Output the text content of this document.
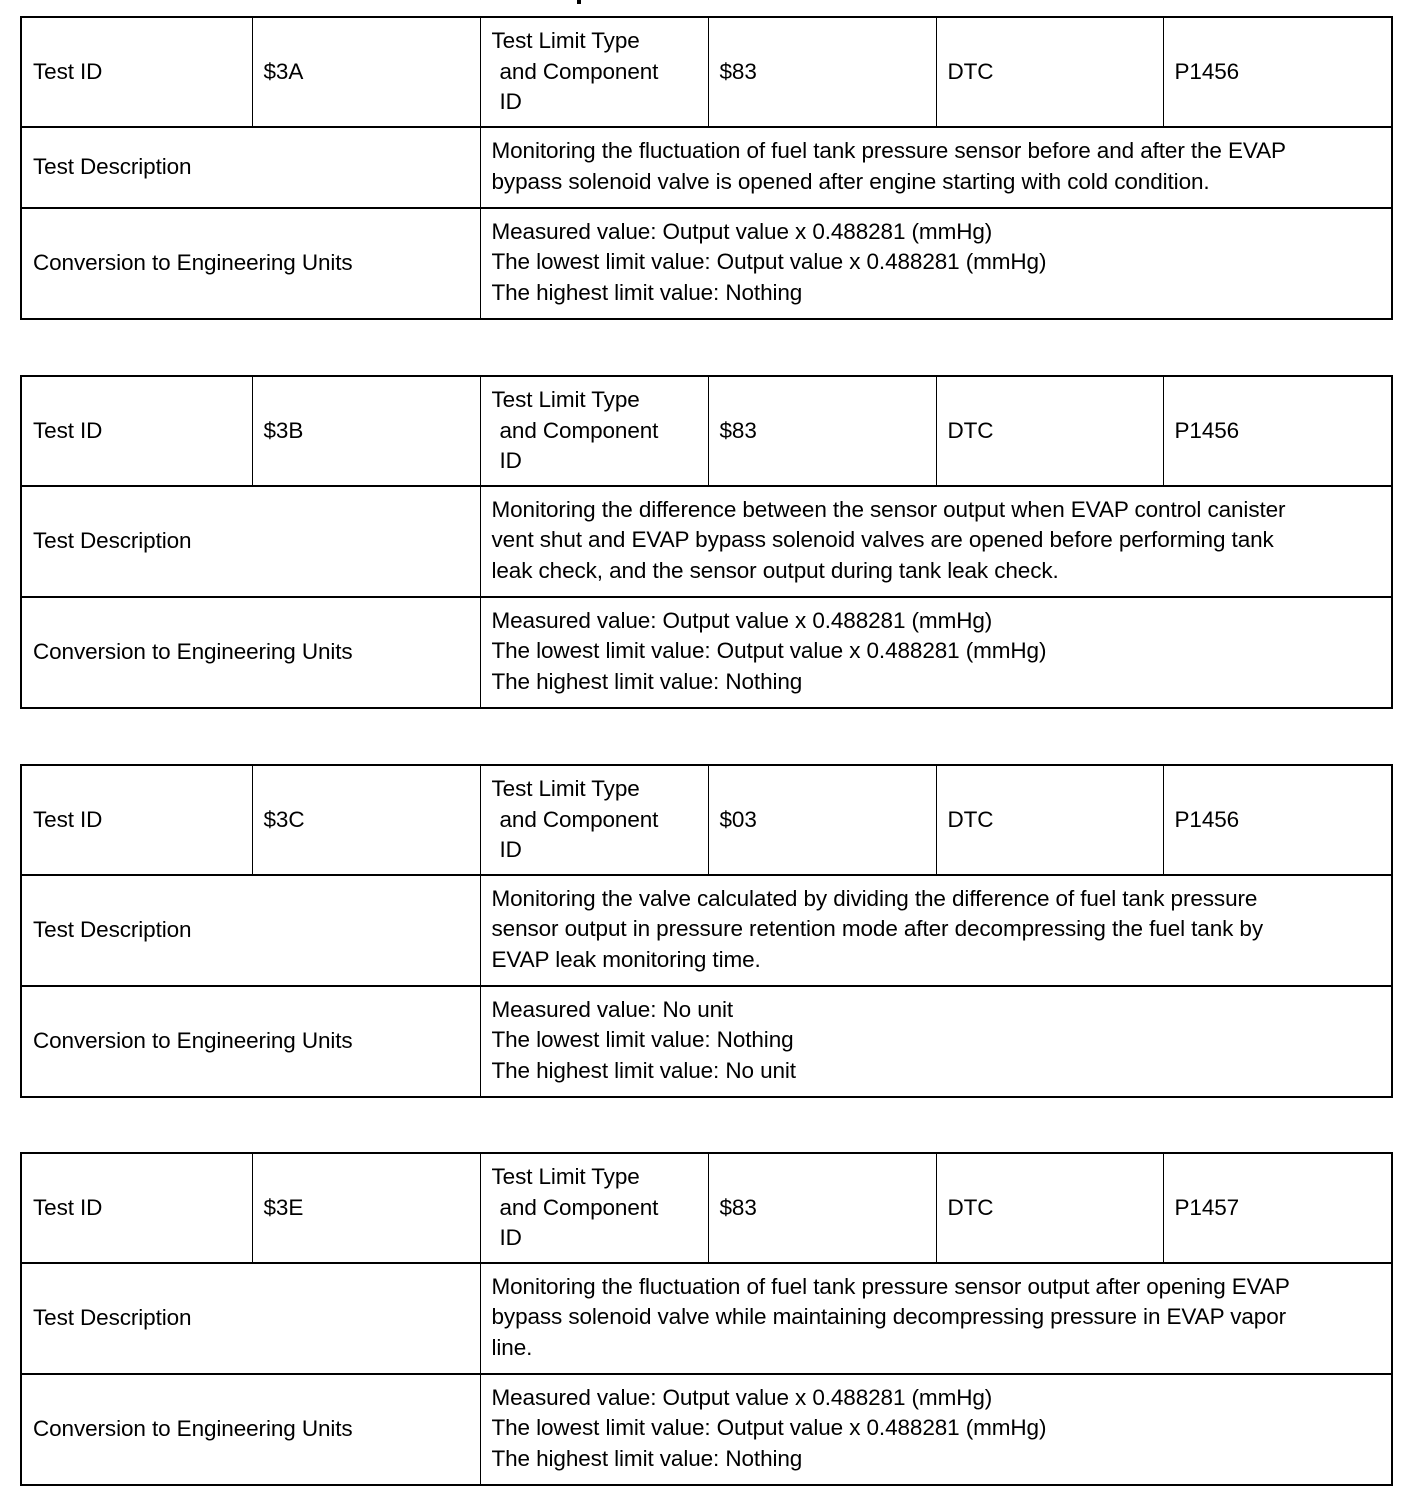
Test ID	$3A	Test Limit Type
and Component
ID	$83	DTC	P1456
Test Description		Monitoring the fluctuation of fuel tank pressure sensor before and after the EVAP
bypass solenoid valve is opened after engine starting with cold condition.			

Conversion to Engineering Units		Measured value: Output value x 0.488281 (mmHg)
The lowest limit value: Output value x 0.488281 (mmHg)
The highest limit value: Nothing			
Test ID	$3B	Test Limit Type
and Component
ID	$83	DTC	P1456
Test Description		Monitoring the difference between the sensor output when EVAP control canister
vent shut and EVAP bypass solenoid valves are opened before performing tank
leak check, and the sensor output during tank leak check.			

Conversion to Engineering Units		Measured value: Output value x 0.488281 (mmHg)
The lowest limit value: Output value x 0.488281 (mmHg)
The highest limit value: Nothing			
Test ID	$3C	Test Limit Type
and Component
ID	$03	DTC	P1456
Test Description		Monitoring the valve calculated by dividing the difference of fuel tank pressure
sensor output in pressure retention mode after decompressing the fuel tank by
EVAP leak monitoring time.			

Conversion to Engineering Units		Measured value: No unit
The lowest limit value: Nothing
The highest limit value: No unit			
Test ID	$3E	Test Limit Type
and Component
ID	$83	DTC	P1457
Test Description		Monitoring the fluctuation of fuel tank pressure sensor output after opening EVAP
bypass solenoid valve while maintaining decompressing pressure in EVAP vapor
line.			

Conversion to Engineering Units		Measured value: Output value x 0.488281 (mmHg)
The lowest limit value: Output value x 0.488281 (mmHg)
The highest limit value: Nothing			
